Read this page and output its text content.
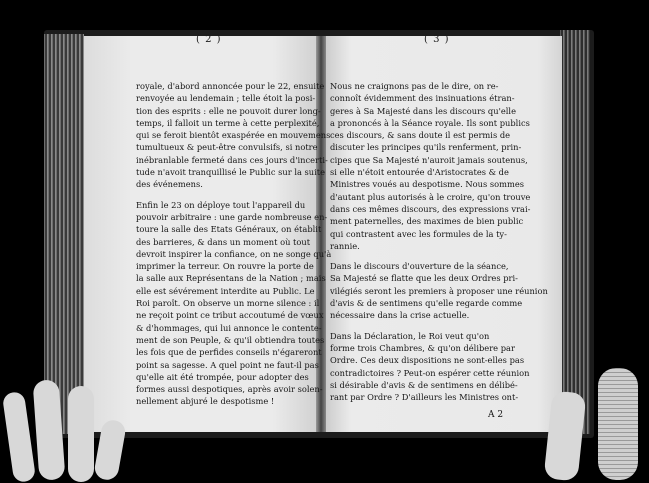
( 2 )	( 3 )
royale, d'abord annoncée pour le 22, ensuite
renvoyée au lendemain ; telle étoit la posi-
tion des esprits : elle ne pouvoit durer long-
temps, il falloit un terme à cette perplexité,
qui se feroit bientôt exaspérée en mouvemens
tumultueux & peut-être convulsifs, si notre
inébranlable fermeté dans ces jours d'incerti-
tude n'avoit tranquillisé le Public sur la suite
des événemens.
Enfin le 23 on déploye tout l'appareil du
pouvoir arbitraire : une garde nombreuse en-
toure la salle des Etats Généraux, on établit
des barrieres, & dans un moment où tout
devroit inspirer la confiance, on ne songe qu'à
imprimer la terreur. On rouvre la porte de
la salle aux Représentans de la Nation ; mais
elle est sévérement interdite au Public. Le
Roi paroît. On observe un morne silence : il
ne reçoit point ce tribut accoutumé de vœux
& d'hommages, qui lui annonce le contente-
ment de son Peuple, & qu'il obtiendra toutes
les fois que de perfides conseils n'égareront
point sa sagesse. A quel point ne faut-il pas
qu'elle ait été trompée, pour adopter des
formes aussi despotiques, après avoir solen-
nellement abjuré le despotisme !
Nous ne craignons pas de le dire, on re-
connoît évidemment des insinuations étran-
geres à Sa Majesté dans les discours qu'elle
a prononcés à la Séance royale. Ils sont publics
ces discours, & sans doute il est permis de
discuter les principes qu'ils renferment, prin-
cipes que Sa Majesté n'auroit jamais soutenus,
si elle n'étoit entourée d'Aristocrates & de
Ministres voués au despotisme. Nous sommes
d'autant plus autorisés à le croire, qu'on trouve
dans ces mêmes discours, des expressions vrai-
ment paternelles, des maximes de bien public
qui contrastent avec les formules de la ty-
rannie.
Dans le discours d'ouverture de la séance,
Sa Majesté se flatte que les deux Ordres pri-
vilégiés seront les premiers à proposer une réunion
d'avis & de sentimens qu'elle regarde comme
nécessaire dans la crise actuelle.
Dans la Déclaration, le Roi veut qu'on
forme trois Chambres, & qu'on délibere par
Ordre. Ces deux dispositions ne sont-elles pas
contradictoires ? Peut-on espérer cette réunion
si désirable d'avis & de sentimens en délibé-
rant par Ordre ? D'ailleurs les Ministres ont-
A 2
